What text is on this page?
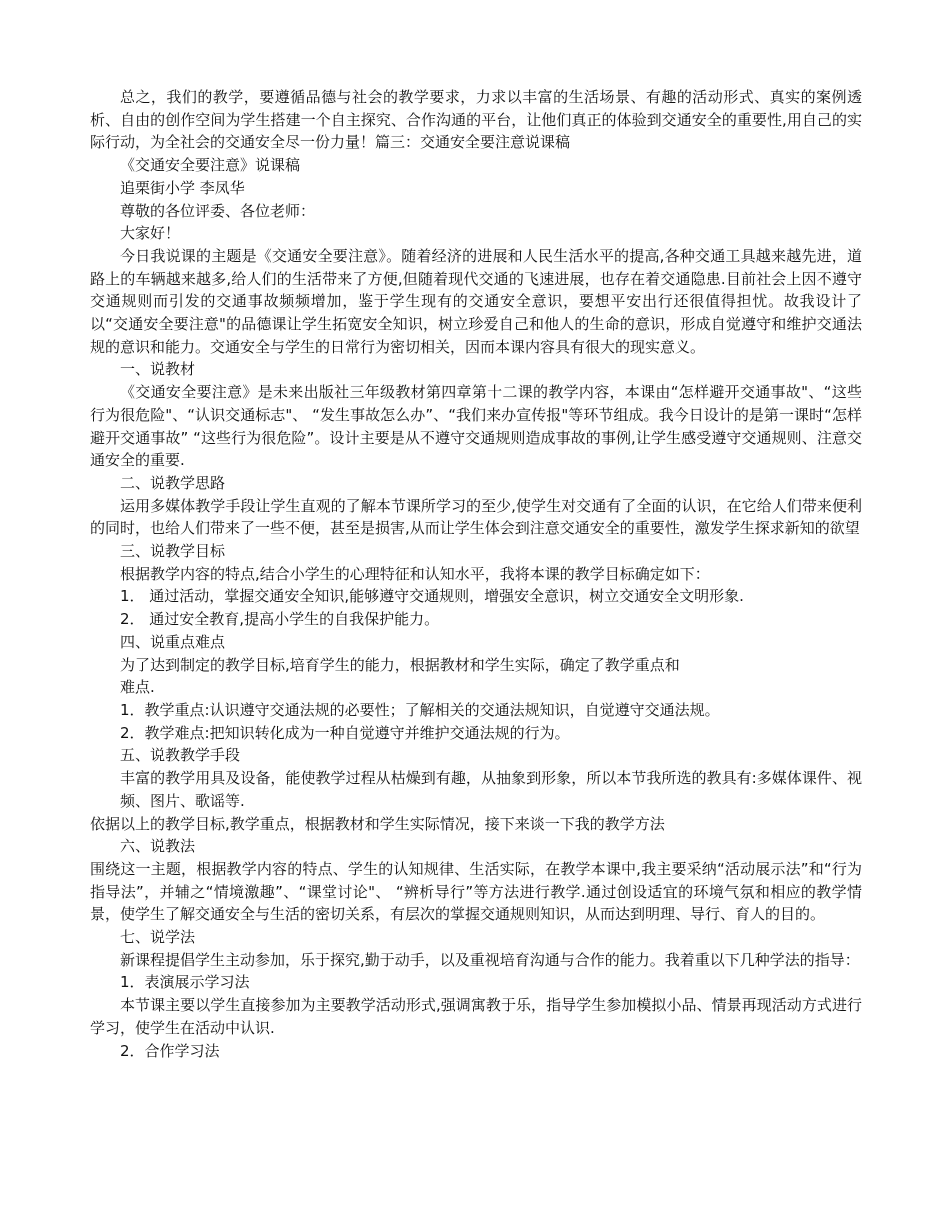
总之，我们的教学，要遵循品德与社会的教学要求，力求以丰富的生活场景、有趣的活动形式、真实的案例透析、自由的创作空间为学生搭建一个自主探究、合作沟通的平台，让他们真正的体验到交通安全的重要性,用自己的实际行动，为全社会的交通安全尽一份力量！篇三：交通安全要注意说课稿

《交通安全要注意》说课稿

追栗街小学 李凤华

尊敬的各位评委、各位老师：

大家好！

今日我说课的主题是《交通安全要注意》。随着经济的进展和人民生活水平的提高,各种交通工具越来越先进，道路上的车辆越来越多,给人们的生活带来了方便,但随着现代交通的飞速进展，也存在着交通隐患.目前社会上因不遵守交通规则而引发的交通事故频频增加，鉴于学生现有的交通安全意识，要想平安出行还很值得担忧。故我设计了以“交通安全要注意"的品德课让学生拓宽安全知识，树立珍爱自己和他人的生命的意识，形成自觉遵守和维护交通法规的意识和能力。交通安全与学生的日常行为密切相关，因而本课内容具有很大的现实意义。

一、说教材

《交通安全要注意》是未来出版社三年级教材第四章第十二课的教学内容，本课由“怎样避开交通事故"、“这些行为很危险"、“认识交通标志"、 “发生事故怎么办”、“我们来办宣传报"等环节组成。我今日设计的是第一课时“怎样避开交通事故” “这些行为很危险”。设计主要是从不遵守交通规则造成事故的事例,让学生感受遵守交通规则、注意交通安全的重要.

二、说教学思路

运用多媒体教学手段让学生直观的了解本节课所学习的至少,使学生对交通有了全面的认识，在它给人们带来便利的同时，也给人们带来了一些不便，甚至是损害,从而让学生体会到注意交通安全的重要性，激发学生探求新知的欲望

三、说教学目标

根据教学内容的特点,结合小学生的心理特征和认知水平，我将本课的教学目标确定如下：

1． 通过活动，掌握交通安全知识,能够遵守交通规则，增强安全意识，树立交通安全文明形象.

2． 通过安全教育,提高小学生的自我保护能力。

四、说重点难点

为了达到制定的教学目标,培育学生的能力，根据教材和学生实际，确定了教学重点和

难点.

1．教学重点:认识遵守交通法规的必要性；了解相关的交通法规知识，自觉遵守交通法规。

2．教学难点:把知识转化成为一种自觉遵守并维护交通法规的行为。

五、说教教学手段

丰富的教学用具及设备，能使教学过程从枯燥到有趣，从抽象到形象，所以本节我所选的教具有:多媒体课件、视频、图片、歌谣等.

依据以上的教学目标,教学重点，根据教材和学生实际情况，接下来谈一下我的教学方法

六、说教法

围绕这一主题，根据教学内容的特点、学生的认知规律、生活实际，在教学本课中,我主要采纳“活动展示法”和“行为指导法”，并辅之“情境激趣”、“课堂讨论"、 “辨析导行”等方法进行教学.通过创设适宜的环境气氛和相应的教学情景，使学生了解交通安全与生活的密切关系，有层次的掌握交通规则知识，从而达到明理、导行、育人的目的。

七、说学法

新课程提倡学生主动参加，乐于探究,勤于动手，以及重视培育沟通与合作的能力。我着重以下几种学法的指导：

1．表演展示学习法

本节课主要以学生直接参加为主要教学活动形式,强调寓教于乐，指导学生参加模拟小品、情景再现活动方式进行学习，使学生在活动中认识.

2．合作学习法
